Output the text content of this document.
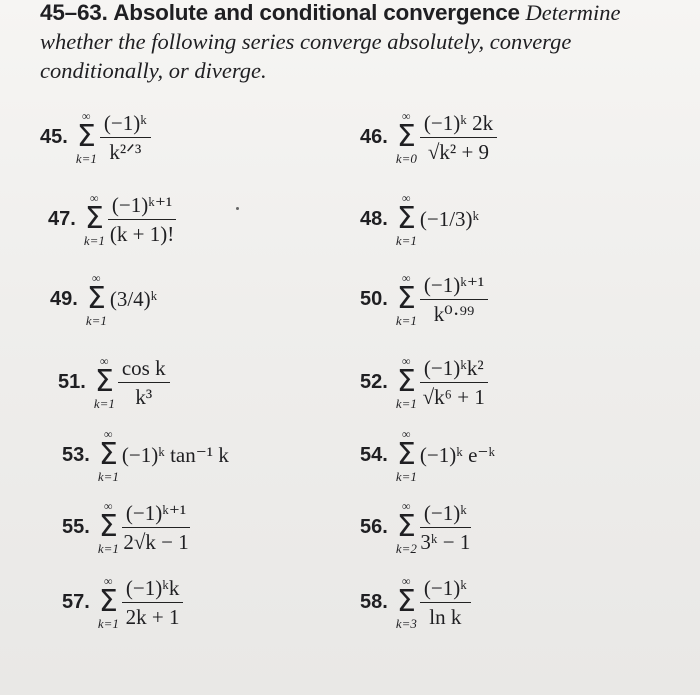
45–63. Absolute and conditional convergence Determine whether the following series converge absolutely, converge conditionally, or diverge.
45.
∞
Σ
$k=1 \frac{\text{(−1)ᵏ}}{\text{k²ᐟ³}}$	46.
∞
Σ
$k=0 \frac{\text{(−1)ᵏ 2k}}{\text{√k² + 9}}$
47.
∞
Σ
$k=1 \frac{\text{(−1)ᵏ⁺¹}}{(k + 1)!}$	48.
∞
Σ
k=1
(−1/3)ᵏ
49.
∞
Σ
k=1
(3/4)ᵏ	50.
∞
Σ
$k=1 \frac{\text{(−1)ᵏ⁺¹}}{\text{k⁰·⁹⁹}}$
51.
∞
Σ
$k=1 \frac{\text{cos k}}{\text{k³}}$	52.
∞
Σ
$k=1 \frac{\text{(−1)ᵏk²}}{\text{√k⁶ + 1}}$
53.
∞
Σ
k=1
(−1)ᵏ tan⁻¹ k	54.
∞
Σ
k=1
(−1)ᵏ e⁻ᵏ
55.
∞
Σ
$k=1 \frac{\text{(−1)ᵏ⁺¹}}{2√k - 1}$	56.
∞
Σ
$k=2 \frac{\text{(−1)ᵏ}}{\text{3ᵏ − 1}}$
57.
∞
Σ
$k=1 \frac{\text{(−1)ᵏk}}{2k + 1}$	58.
∞
Σ
$k=3 \frac{\text{(−1)ᵏ}}{\text{ln k}}$
